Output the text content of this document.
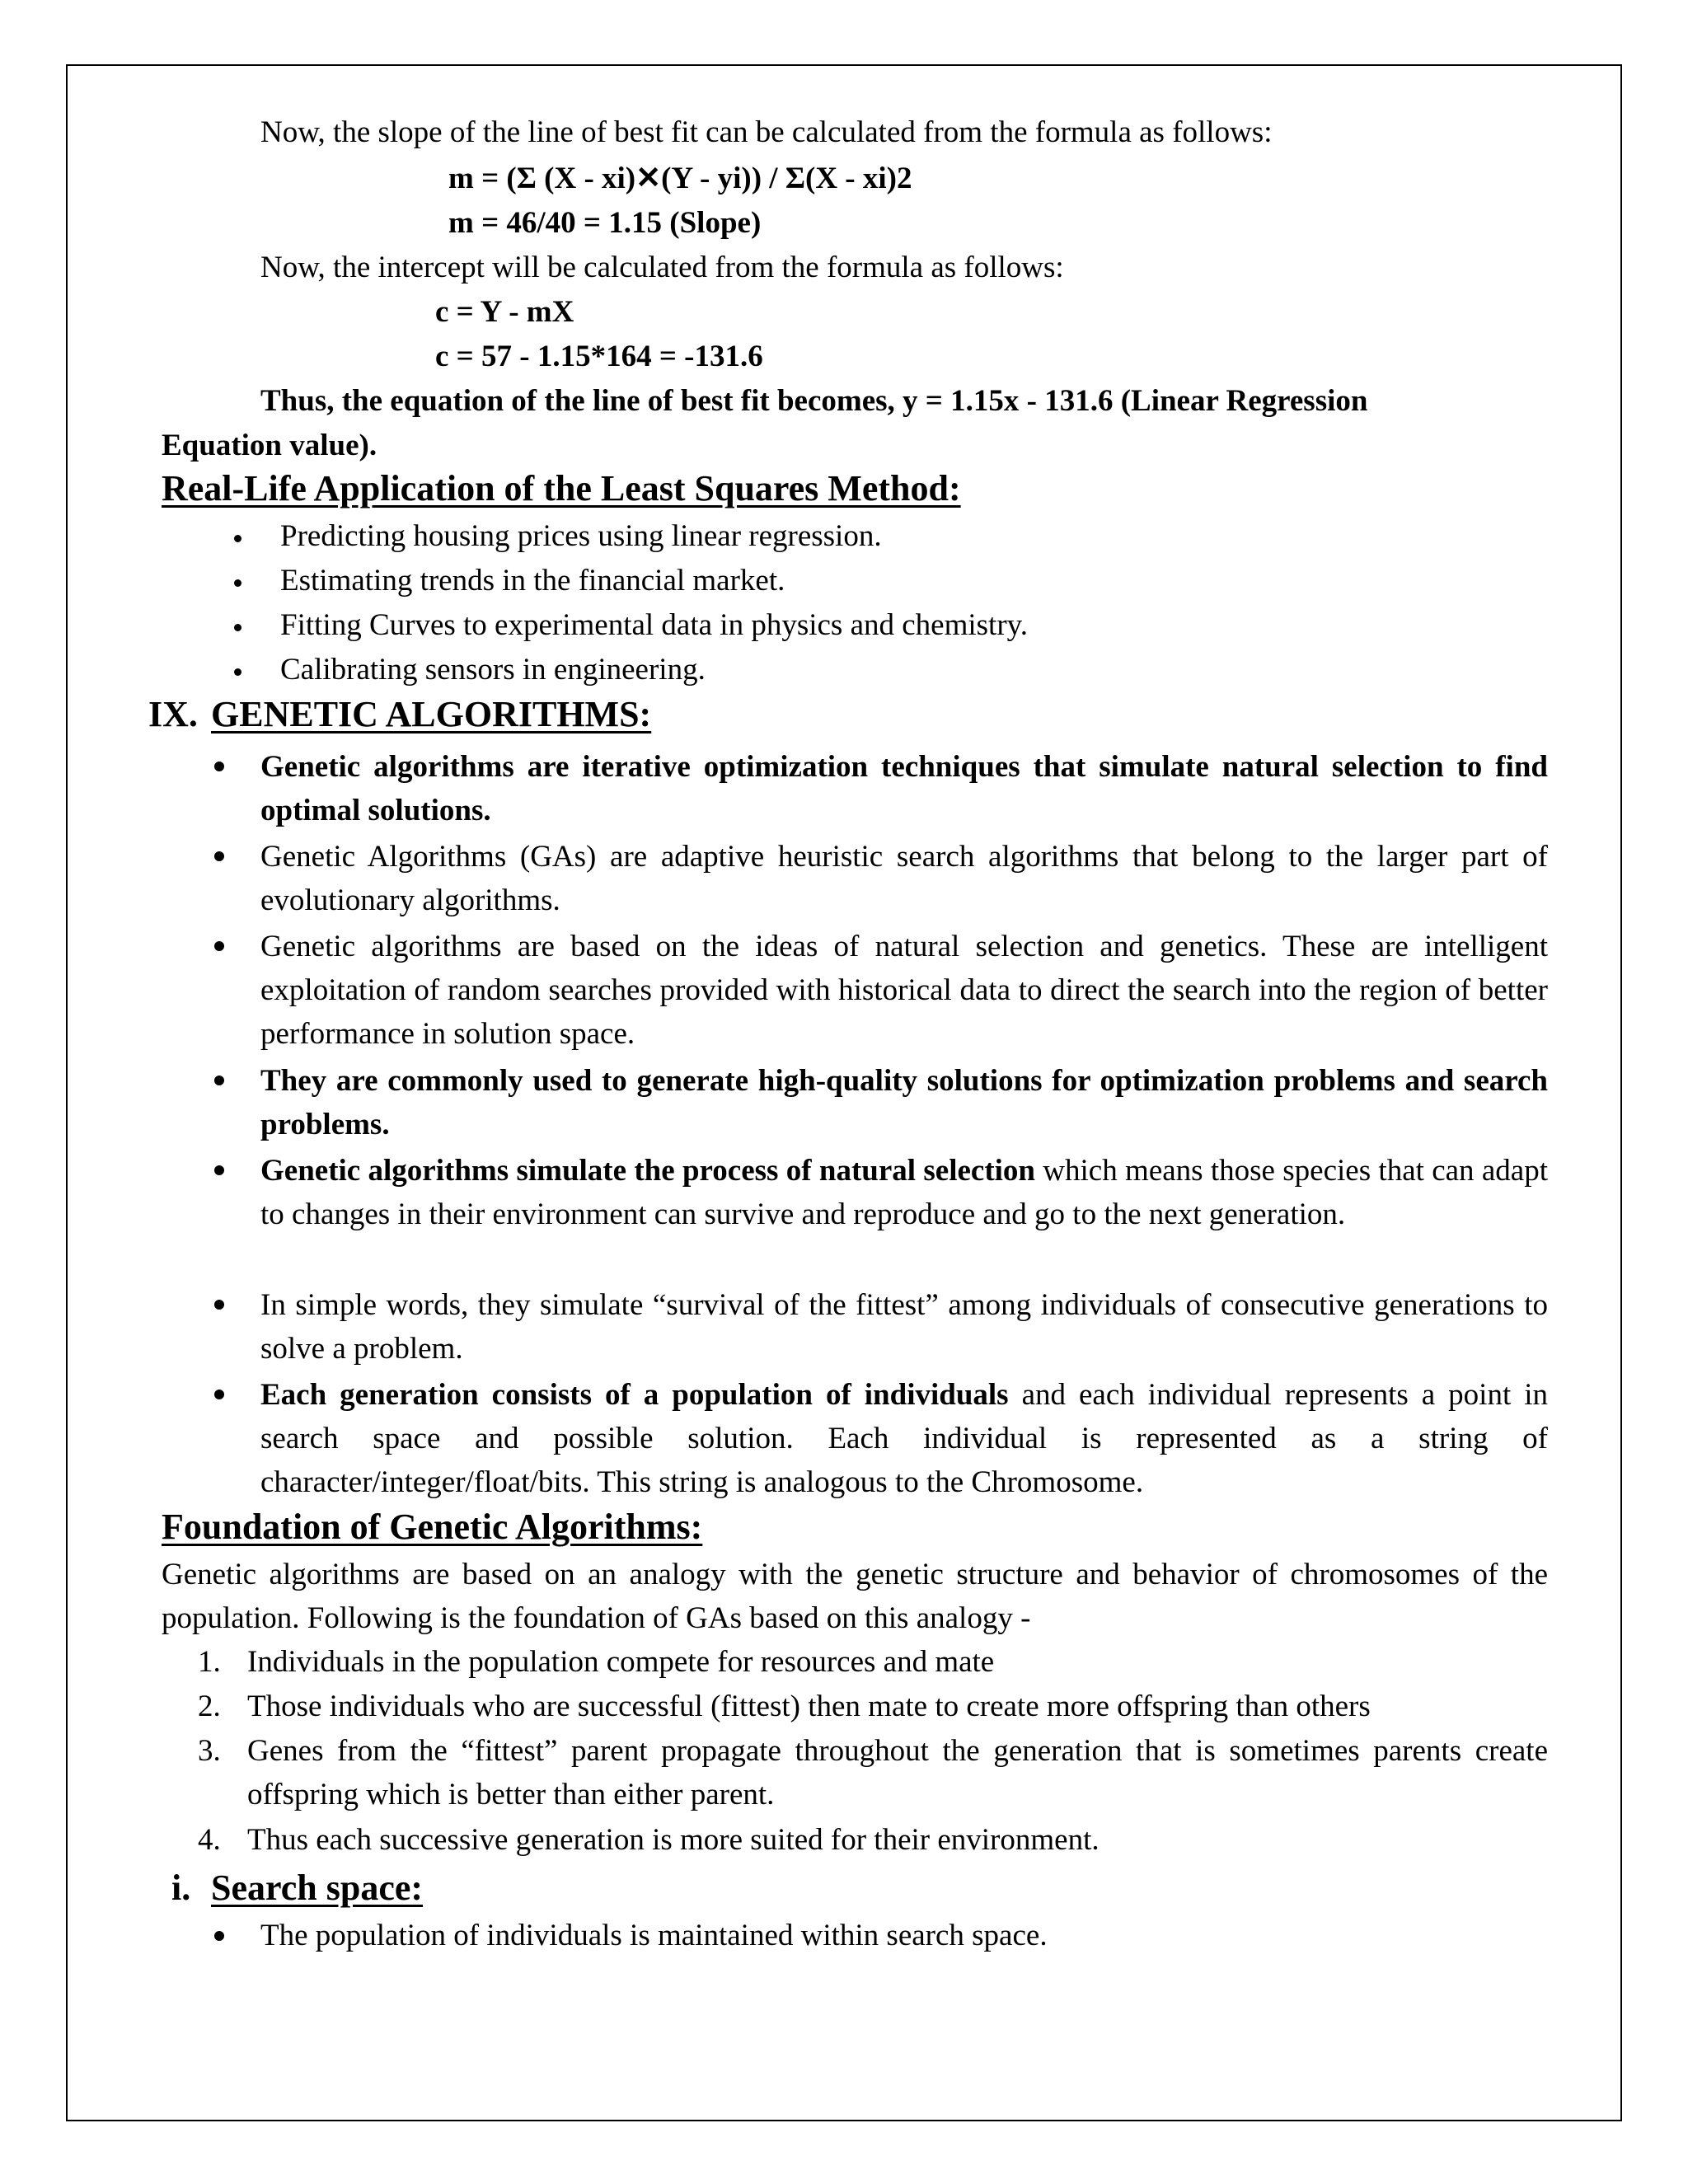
Now, the slope of the line of best fit can be calculated from the formula as follows:
m = (Σ (X - xi)✕(Y - yi)) / Σ(X - xi)2
m = 46/40 = 1.15 (Slope)
Now, the intercept will be calculated from the formula as follows:
c = Y - mX
c = 57 - 1.15*164 = -131.6
Thus, the equation of the line of best fit becomes, y = 1.15x - 131.6 (Linear Regression
Equation value).
Real-Life Application of the Least Squares Method:
Predicting housing prices using linear regression.
Estimating trends in the financial market.
Fitting Curves to experimental data in physics and chemistry.
Calibrating sensors in engineering.
IX. GENETIC ALGORITHMS:

Genetic algorithms are iterative optimization techniques that simulate natural selection to find optimal solutions.

Genetic Algorithms (GAs) are adaptive heuristic search algorithms that belong to the larger part of evolutionary algorithms.

Genetic algorithms are based on the ideas of natural selection and genetics. These are intelligent exploitation of random searches provided with historical data to direct the search into the region of better performance in solution space.

They are commonly used to generate high-quality solutions for optimization problems and search problems.

Genetic algorithms simulate the process of natural selection which means those species that can adapt to changes in their environment can survive and reproduce and go to the next generation.

In simple words, they simulate “survival of the fittest” among individuals of consecutive generations to solve a problem.

Each generation consists of a population of individuals and each individual represents a point in search space and possible solution. Each individual is represented as a string of character/integer/float/bits. This string is analogous to the Chromosome.

Foundation of Genetic Algorithms:

Genetic algorithms are based on an analogy with the genetic structure and behavior of chromosomes of the population. Following is the foundation of GAs based on this analogy -

1. Individuals in the population compete for resources and mate
2. Those individuals who are successful (fittest) then mate to create more offspring than others
3. Genes from the “fittest” parent propagate throughout the generation that is sometimes parents create offspring which is better than either parent.

4. Thus each successive generation is more suited for their environment.
i. Search space:
The population of individuals is maintained within search space.
